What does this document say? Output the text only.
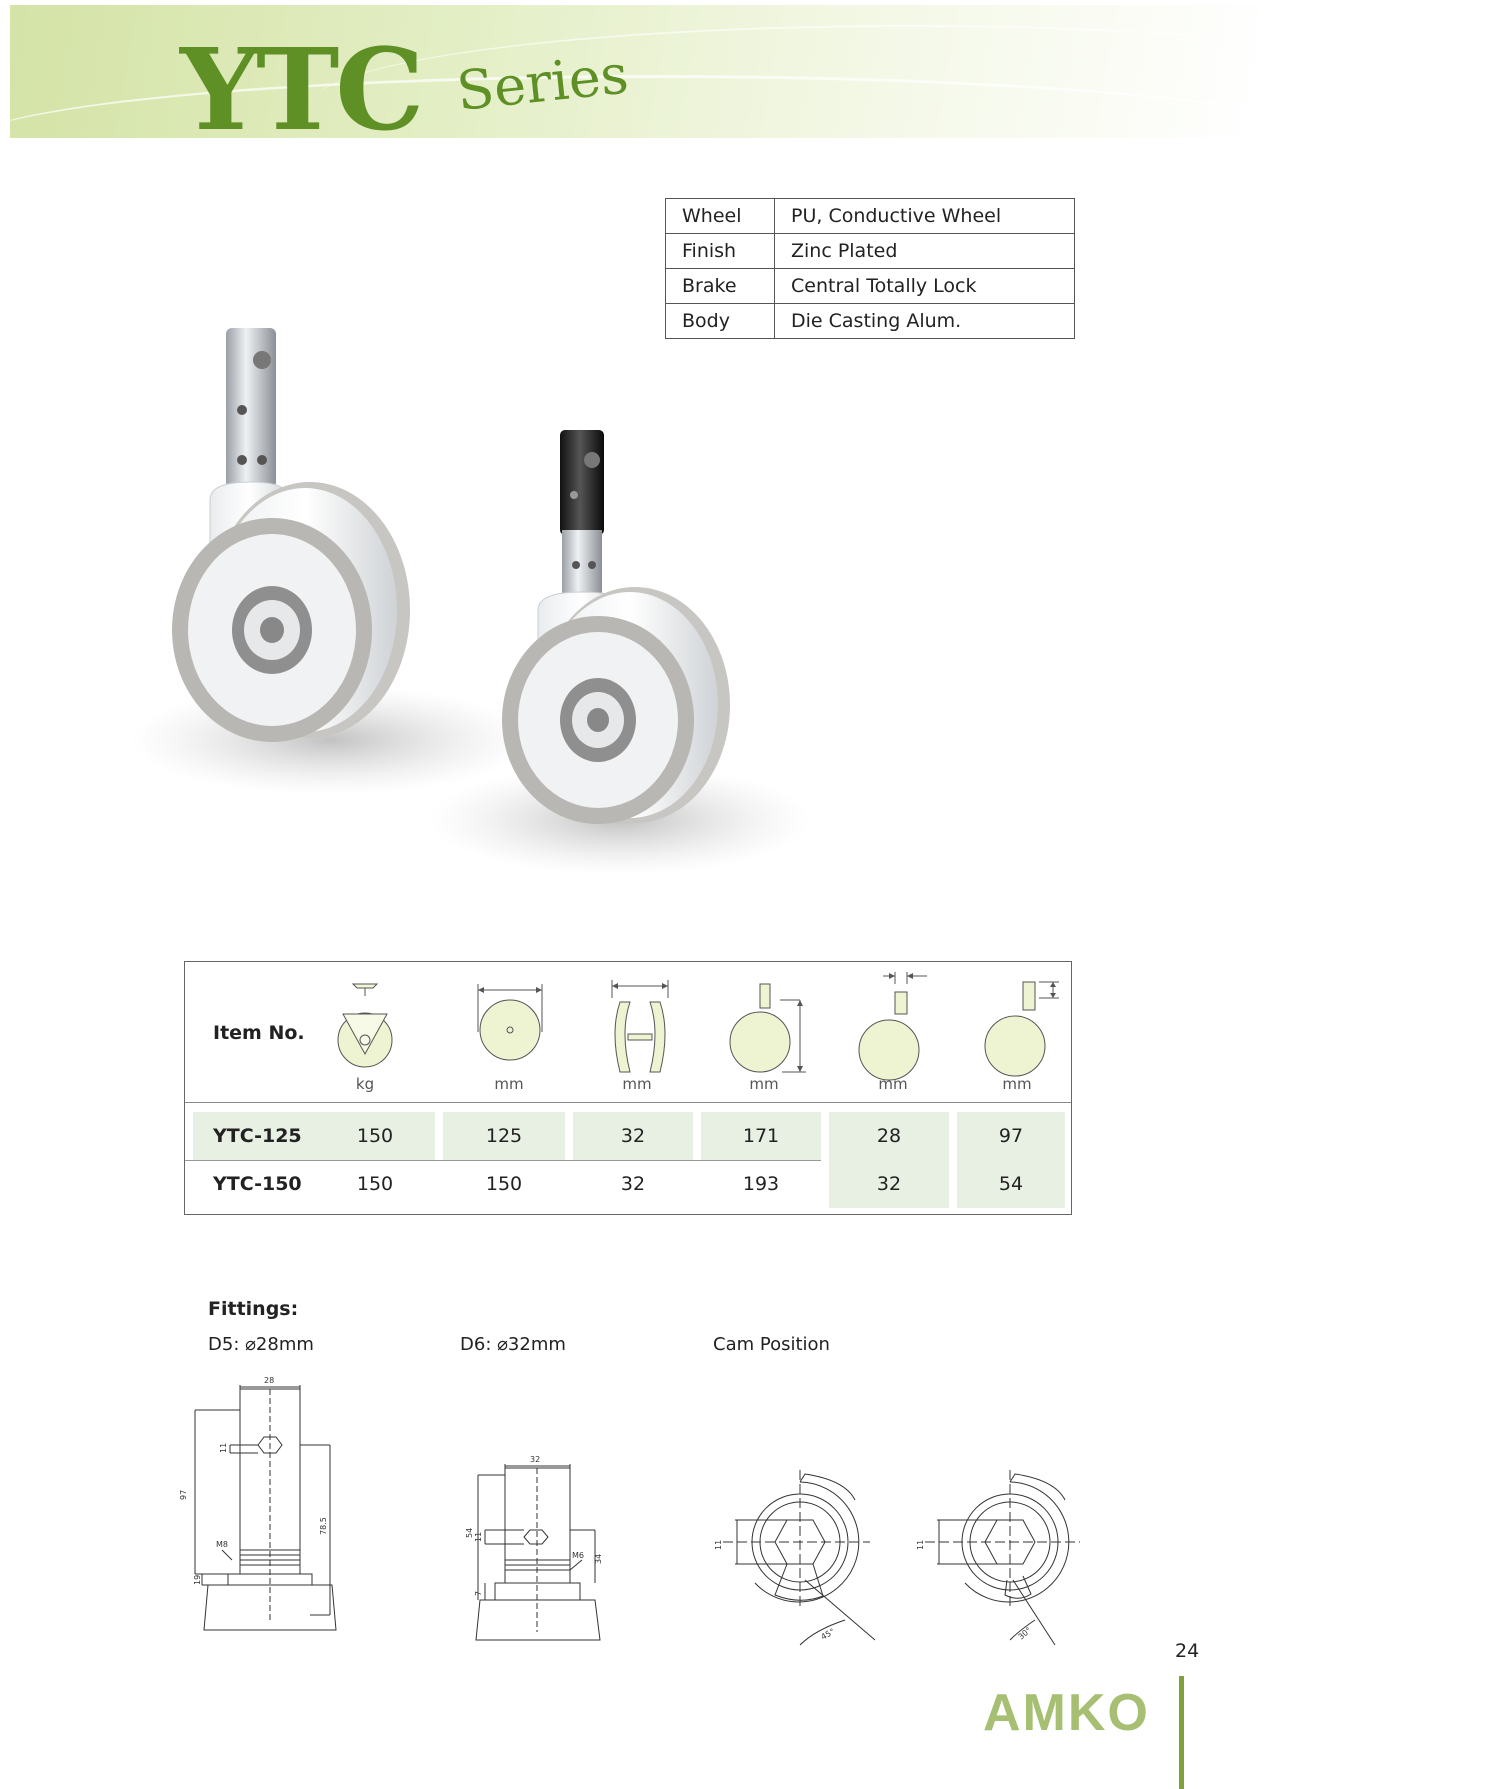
YTC Series
Wheel	PU, Conductive Wheel
Finish	Zinc Plated
Brake	Central Totally Lock
Body	Die Casting Alum.
Item No.
kg	mm	mm	mm	mm	mm
YTC-125	150	125	32	171	28	97
YTC-150	150	150	32	193	32	54
Fittings:
D5: ⌀28mm	D6: ⌀32mm	Cam Position
28
97
11
78.5
19
M8
32
54 11
34
7
M6
11
45°
11
30°
24
AMKO
